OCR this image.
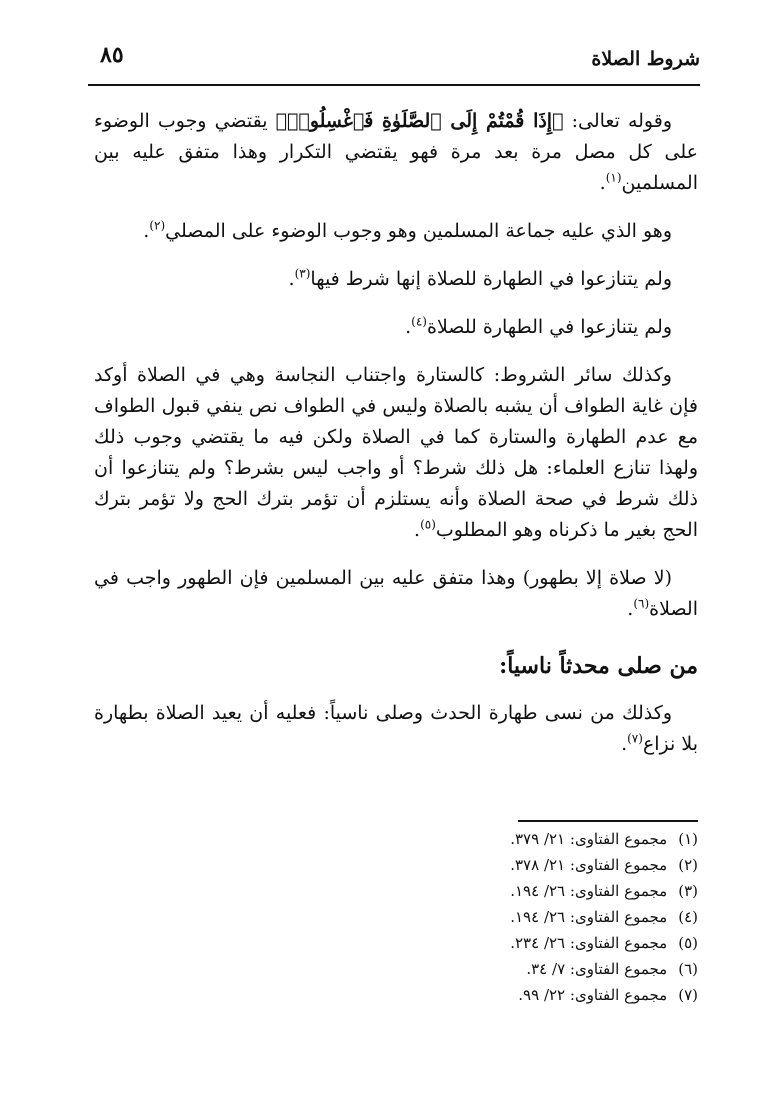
شروط الصلاة
٨٥

وقوله تعالى: ﴿إِذَا قُمْتُمْ إِلَى ٱلصَّلَوٰةِ فَٱغْسِلُوا۟﴾ يقتضي وجوب الوضوء على كل مصل مرة بعد مرة فهو يقتضي التكرار وهذا متفق عليه بين المسلمين$^{(١)}$.

وهو الذي عليه جماعة المسلمين وهو وجوب الوضوء على المصلي$^{(٢)}$.

ولم يتنازعوا في الطهارة للصلاة إنها شرط فيها$^{(٣)}$.

ولم يتنازعوا في الطهارة للصلاة$^{(٤)}$.

وكذلك سائر الشروط: كالستارة واجتناب النجاسة وهي في الصلاة أوكد فإن غاية الطواف أن يشبه بالصلاة وليس في الطواف نص ينفي قبول الطواف مع عدم الطهارة والستارة كما في الصلاة ولكن فيه ما يقتضي وجوب ذلك ولهذا تنازع العلماء: هل ذلك شرط؟ أو واجب ليس بشرط؟ ولم يتنازعوا أن ذلك شرط في صحة الصلاة وأنه يستلزم أن تؤمر بترك الحج ولا تؤمر بترك الحج بغير ما ذكرناه وهو المطلوب$^{(٥)}$.

(لا صلاة إلا بطهور) وهذا متفق عليه بين المسلمين فإن الطهور واجب في الصلاة$^{(٦)}$.

من صلى محدثاً ناسياً:

وكذلك من نسى طهارة الحدث وصلى ناسياً: فعليه أن يعيد الصلاة بطهارة بلا نزاع$^{(٧)}$.

(١) مجموع الفتاوى: ٢١/ ٣٧٩.
(٢) مجموع الفتاوى: ٢١/ ٣٧٨.
(٣) مجموع الفتاوى: ٢٦/ ١٩٤.
(٤) مجموع الفتاوى: ٢٦/ ١٩٤.
(٥) مجموع الفتاوى: ٢٦/ ٢٣٤.
(٦) مجموع الفتاوى: ٧/ ٣٤.
(٧) مجموع الفتاوى: ٢٢/ ٩٩.
